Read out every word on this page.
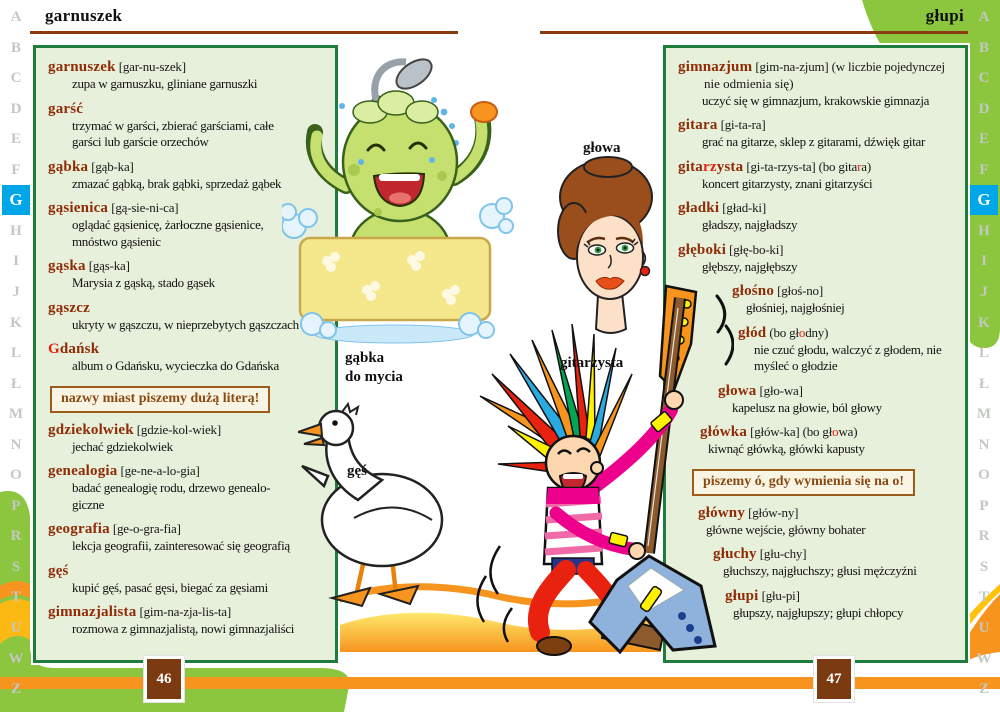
A
B
C
D
E
F
G
H
I
J
K
L
Ł
M
N
O
P
R
S
T
U
W
Z
A
B
C
D
E
F
G
H
I
J
K
L
Ł
M
N
O
P
R
S
T
U
W
Z
garnuszek	głupi
garnuszek [gar-nu-szek]
zupa w garnuszku, gliniane garnuszki
garść
trzymać w garści, zbierać garściami, całe
garści lub garście orzechów
gąbka [gąb-ka]
zmazać gąbką, brak gąbki, sprzedaż gąbek
gąsienica [gą-sie-ni-ca]
oglądać gąsienicę, żarłoczne gąsienice,
mnóstwo gąsienic
gąska [gąs-ka]
Marysia z gąską, stado gąsek
gąszcz
ukryty w gąszczu, w nieprzebytych gąszczach
Gdańsk
album o Gdańsku, wycieczka do Gdańska
nazwy miast piszemy dużą literą!
gdziekolwiek [gdzie-kol-wiek]
jechać gdziekolwiek
genealogia [ge-ne-a-lo-gia]
badać genealogię rodu, drzewo genealo-
giczne
geografia [ge-o-gra-fia]
lekcja geografii, zainteresować się geografią
gęś
kupić gęś, pasać gęsi, biegać za gęsiami
gimnazjalista [gim-na-zja-lis-ta]
rozmowa z gimnazjalistą, nowi gimnazjaliści
gimnazjum [gim-na-zjum] (w liczbie pojedynczej
nie odmienia się)
uczyć się w gimnazjum, krakowskie gimnazja
gitara [gi-ta-ra]
grać na gitarze, sklep z gitarami, dźwięk gitar
gitarzysta [gi-ta-rzys-ta] (bo gitara)
koncert gitarzysty, znani gitarzyści
gładki [gład-ki]
gładszy, najgładszy
głęboki [głę-bo-ki]
głębszy, najgłębszy
głośno [głoś-no]
głośniej, najgłośniej
głód (bo głodny)
nie czuć głodu, walczyć z głodem, nie
myśleć o głodzie
głowa [gło-wa]
kapelusz na głowie, ból głowy
główka [głów-ka] (bo głowa)
kiwnąć główką, główki kapusty
piszemy ó, gdy wymienia się na o!
główny [głów-ny]
główne wejście, główny bohater
głuchy [głu-chy]
głuchszy, najgłuchszy; głusi mężczyźni
głupi [głu-pi]
głupszy, najgłupszy; głupi chłopcy
gąbka
do mycia
gęś
głowa
gitarzysta
46	47
